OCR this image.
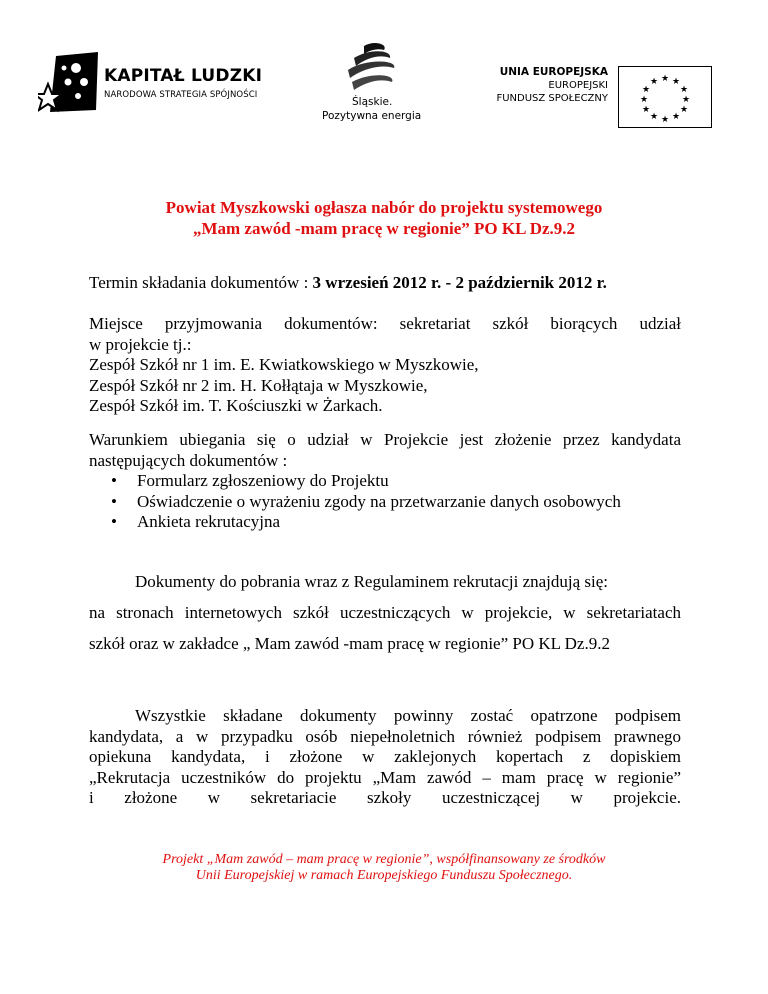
KAPITAŁ LUDZKI
NARODOWA STRATEGIA SPÓJNOŚCI
Śląskie.
Pozytywna energia
UNIA EUROPEJSKA
EUROPEJSKI
FUNDUSZ SPOŁECZNY
★ ★
★
★
★
★
★
★
★
★
★
★
Powiat Myszkowski ogłasza nabór do projektu systemowego
„Mam zawód -mam pracę w regionie” PO KL Dz.9.2
Termin składania dokumentów : 3 wrzesień 2012 r. - 2 październik 2012 r.
Miejsce przyjmowania dokumentów: sekretariat szkół biorących udział
w projekcie tj.:
Zespół Szkół nr 1 im. E. Kwiatkowskiego w Myszkowie,
Zespół Szkół nr 2 im. H. Kołłątaja w Myszkowie,
Zespół Szkół im. T. Kościuszki w Żarkach.
Warunkiem ubiegania się o udział w Projekcie jest złożenie przez kandydata
następujących dokumentów :
• Formularz zgłoszeniowy do Projektu
• Oświadczenie o wyrażeniu zgody na przetwarzanie danych osobowych
• Ankieta rekrutacyjna
Dokumenty do pobrania wraz z Regulaminem rekrutacji znajdują się:
na stronach internetowych szkół uczestniczących w projekcie, w sekretariatach
szkół oraz w zakładce „ Mam zawód -mam pracę w regionie” PO KL Dz.9.2
Wszystkie składane dokumenty powinny zostać opatrzone podpisem
kandydata, a w przypadku osób niepełnoletnich również podpisem prawnego
opiekuna kandydata, i złożone w zaklejonych kopertach z dopiskiem
„Rekrutacja uczestników do projektu „Mam zawód – mam pracę w regionie”
i złożone w sekretariacie szkoły uczestniczącej w projekcie.
Projekt „Mam zawód – mam pracę w regionie”, współfinansowany ze środków
Unii Europejskiej w ramach Europejskiego Funduszu Społecznego.
